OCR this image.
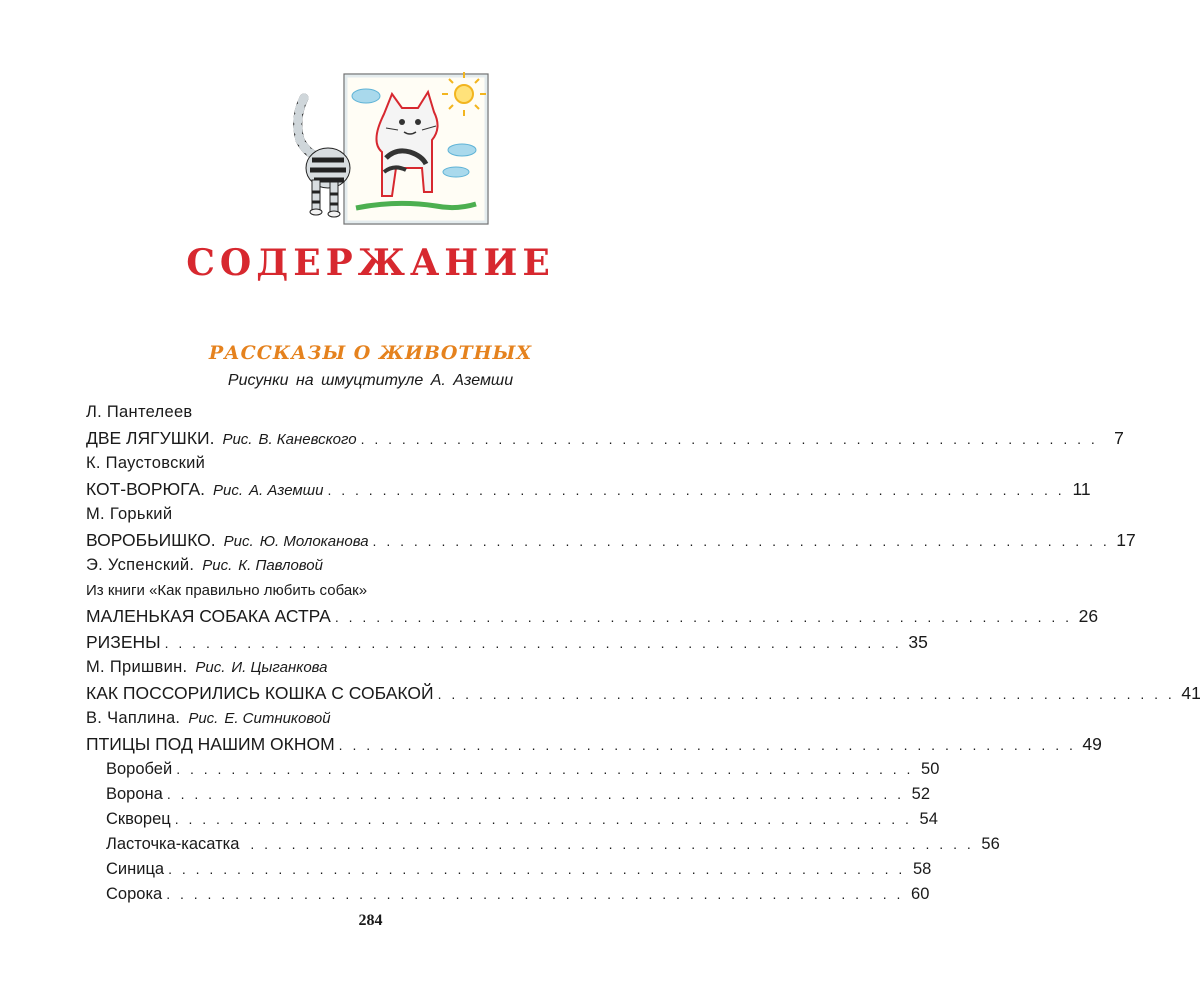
СОДЕРЖАНИЕ
РАССКАЗЫ О ЖИВОТНЫХ
Рисунки на шмуцтитуле А. Аземши
Л. Пантелеев
ДВЕ ЛЯГУШКИ. Рис. В. Каневского . . . . . . . . . . . . . . . . . . . . . . . . . . . . . . . . . . . . . . . . . . . . . . . . . . . . . . 7
К. Паустовский
КОТ-ВОРЮГА. Рис. А. Аземши . . . . . . . . . . . . . . . . . . . . . . . . . . . . . . . . . . . . . . . . . . . . . . . . . . . . . . 11
М. Горький
ВОРОБЬИШКО. Рис. Ю. Молоканова . . . . . . . . . . . . . . . . . . . . . . . . . . . . . . . . . . . . . . . . . . . . . . . . . . . . . . 17
Э. Успенский. Рис. К. Павловой
Из книги «Как правильно любить собак»
МАЛЕНЬКАЯ СОБАКА АСТРА . . . . . . . . . . . . . . . . . . . . . . . . . . . . . . . . . . . . . . . . . . . . . . . . . . . . . . 26
РИЗЕНЫ . . . . . . . . . . . . . . . . . . . . . . . . . . . . . . . . . . . . . . . . . . . . . . . . . . . . . . 35
М. Пришвин. Рис. И. Цыганкова
КАК ПОССОРИЛИСЬ КОШКА С СОБАКОЙ . . . . . . . . . . . . . . . . . . . . . . . . . . . . . . . . . . . . . . . . . . . . . . . . . . . . . . 41
В. Чаплина. Рис. Е. Ситниковой
ПТИЦЫ ПОД НАШИМ ОКНОМ . . . . . . . . . . . . . . . . . . . . . . . . . . . . . . . . . . . . . . . . . . . . . . . . . . . . . . 49
Воробей . . . . . . . . . . . . . . . . . . . . . . . . . . . . . . . . . . . . . . . . . . . . . . . . . . . . . . 50
Ворона . . . . . . . . . . . . . . . . . . . . . . . . . . . . . . . . . . . . . . . . . . . . . . . . . . . . . . 52
Скворец . . . . . . . . . . . . . . . . . . . . . . . . . . . . . . . . . . . . . . . . . . . . . . . . . . . . . . 54
Ласточка-касатка . . . . . . . . . . . . . . . . . . . . . . . . . . . . . . . . . . . . . . . . . . . . . . . . . . . . . 56
Синица . . . . . . . . . . . . . . . . . . . . . . . . . . . . . . . . . . . . . . . . . . . . . . . . . . . . . . 58
Сорока . . . . . . . . . . . . . . . . . . . . . . . . . . . . . . . . . . . . . . . . . . . . . . . . . . . . . . 60
284
